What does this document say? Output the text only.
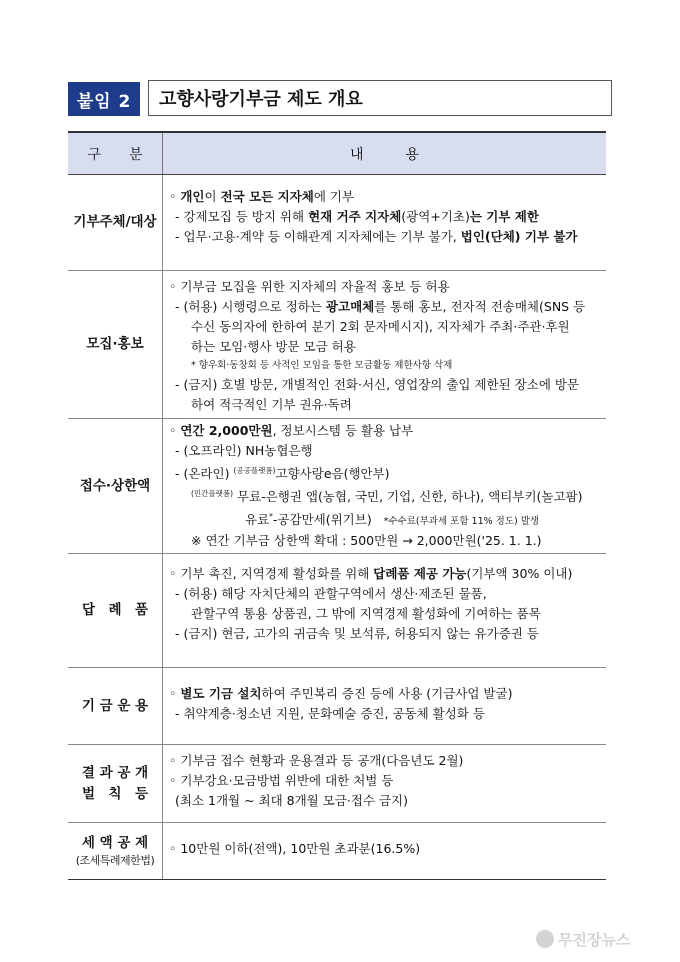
붙임 2	고향사랑기부금 제도 개요
구　　분	내　　　용
기부주체/대상
◦ 개인이 전국 모든 지자체에 기부
- 강제모집 등 방지 위해 현재 거주 지자체(광역+기초)는 기부 제한
- 업무·고용·계약 등 이해관계 지자체에는 기부 불가, 법인(단체) 기부 불가
모집·홍보
◦ 기부금 모집을 위한 지자체의 자율적 홍보 등 허용
- (허용) 시행령으로 정하는 광고매체를 통해 홍보, 전자적 전송매체(SNS 등
수신 동의자에 한하여 분기 2회 문자메시지), 지자체가 주최·주관·후원
하는 모임·행사 방문 모금 허용
* 향우회·동창회 등 사적인 모임을 통한 모금활동 제한사항 삭제
- (금지) 호별 방문, 개별적인 전화·서신, 영업장의 출입 제한된 장소에 방문
하여 적극적인 기부 권유·독려
접수·상한액
◦ 연간 2,000만원, 정보시스템 등 활용 납부
- (오프라인) NH농협은행
- (온라인) $^{(공공플랫폼)}$고향사랑e음(행안부)
$^{(민간플랫폼)}$ 무료-은행권 앱(농협, 국민, 기업, 신한, 하나), 액티부키(놀고팜)
유료*-공감만세(위기브) *수수료(부과세 포함 11% 정도) 발생
※ 연간 기부금 상한액 확대 : 500만원 → 2,000만원('25. 1. 1.)
답　례　품
◦ 기부 촉진, 지역경제 활성화를 위해 답례품 제공 가능(기부액 30% 이내)
- (허용) 해당 자치단체의 관할구역에서 생산·제조된 물품,
관할구역 통용 상품권, 그 밖에 지역경제 활성화에 기여하는 품목
- (금지) 현금, 고가의 귀금속 및 보석류, 허용되지 않는 유가증권 등
기 금 운 용
◦ 별도 기금 설치하여 주민복리 증진 등에 사용 (기금사업 발굴)
- 취약계층·청소년 지원, 문화예술 증진, 공동체 활성화 등
결 과 공 개
벌　칙　등
◦ 기부금 접수 현황과 운용결과 등 공개(다음년도 2월)
◦ 기부강요·모금방법 위반에 대한 처벌 등
(최소 1개월 ~ 최대 8개월 모금·접수 금지)
세 액 공 제
(조세특례제한법)
◦ 10만원 이하(전액), 10만원 초과분(16.5%)
무진장뉴스
